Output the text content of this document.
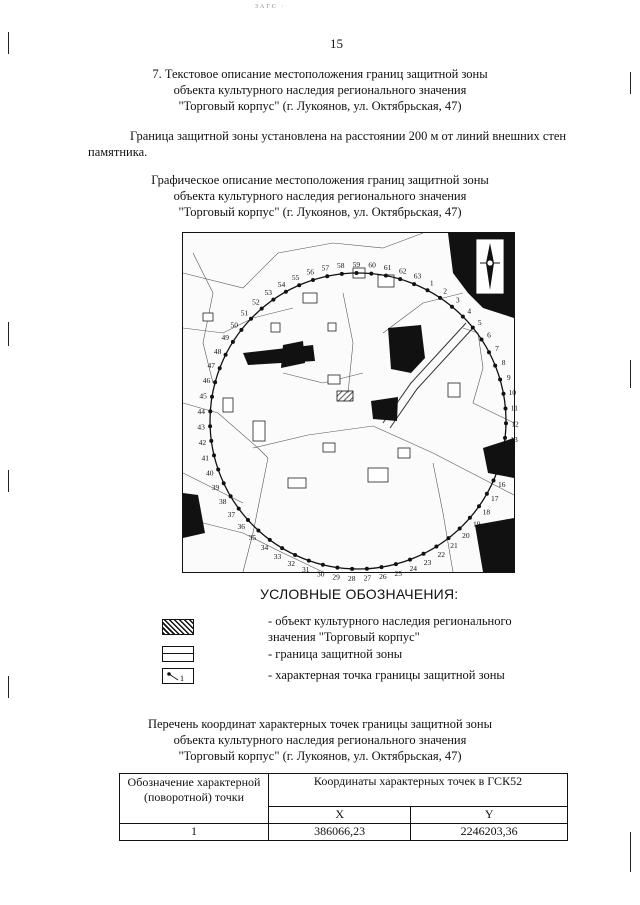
ЗАГС ·
15
7. Текстовое описание местоположения границ защитной зоны
объекта культурного наследия регионального значения
"Торговый корпус" (г. Лукоянов, ул. Октябрьская, 47)
Граница защитной зоны установлена на расстоянии 200 м от линий внешних стен
памятника.
Графическое описание местоположения границ защитной зоны
объекта культурного наследия регионального значения
"Торговый корпус" (г. Лукоянов, ул. Октябрьская, 47)
1
2
3
4
5
6
7
8
9
10
11
12
13
14
15
16
17
18
19
20
21
22
23
24
25
26
27
28
29
30
31
32
33
34
35
36
37
38
39
40
41
42
43
44
45
46
47
48
49
50
51
52
53
54
55
56 57 58 59 60 61 62
63
УСЛОВНЫЕ ОБОЗНАЧЕНИЯ:
- объект культурного наследия регионального
значения "Торговый корпус"
- граница защитной зоны
1	- характерная точка границы защитной зоны
Перечень координат характерных точек границы защитной зоны
объекта культурного наследия регионального значения
"Торговый корпус" (г. Лукоянов, ул. Октябрьская, 47)
Обозначение характерной (поворотной) точки	Координаты характерных точек в ГСК52	
	X	Y
1	386066,23	2246203,36
